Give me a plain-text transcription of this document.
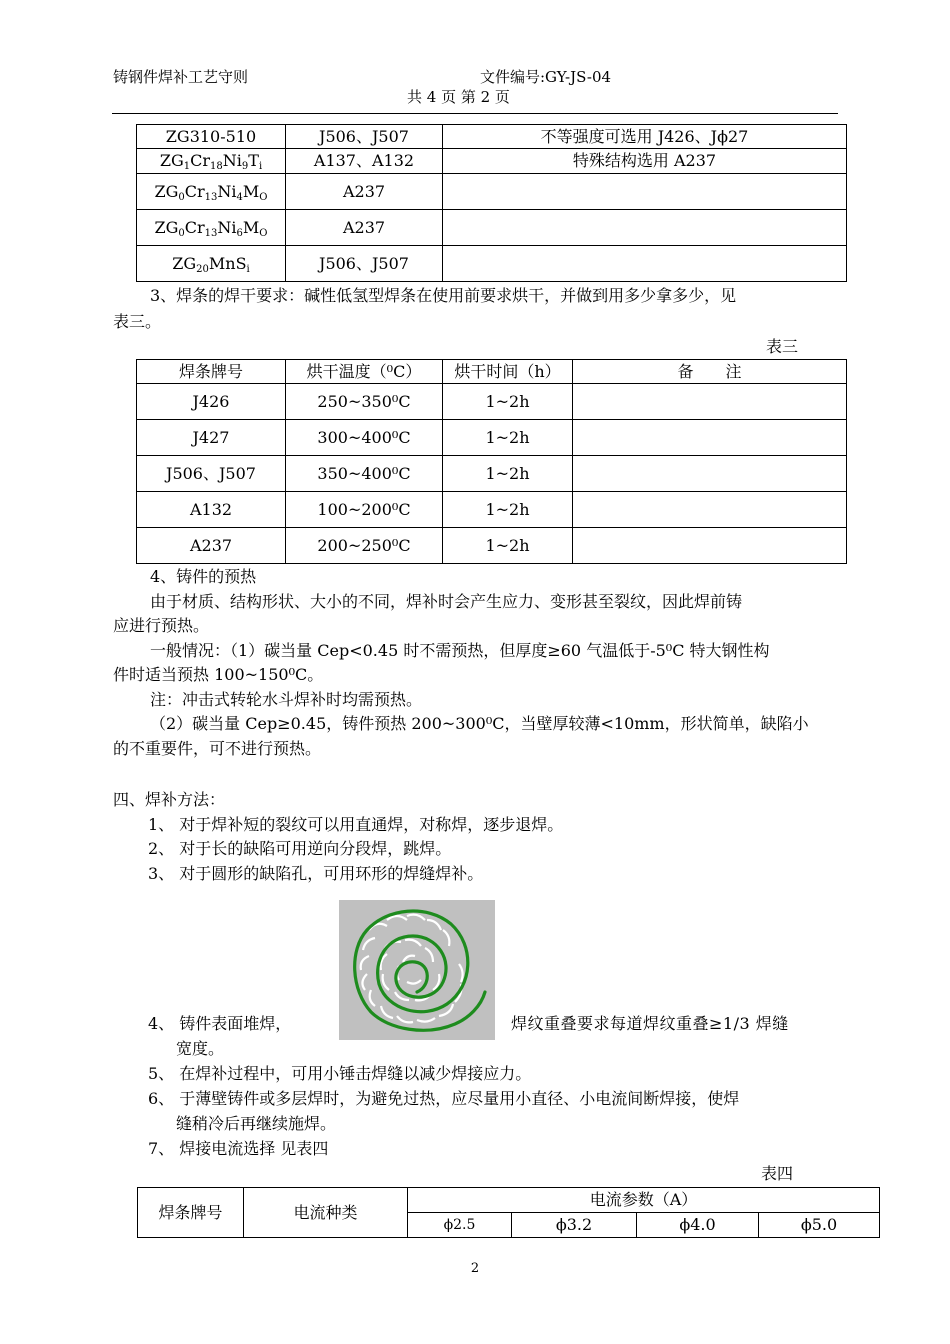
铸钢件焊补工艺守则	文件编号:GY-JS-04
共 4 页 第 2 页
ZG310-510	J506、J507	不等强度可选用 J426、Jϕ27
$ZG_1Cr_{18}Ni_9T_i$	A137、A132	特殊结构选用 A237
$ZG_0Cr_{13}Ni_4M_O$	A237	
$ZG_0Cr_{13}Ni_6M_O$	A237	
$ZG_{20}MnS_i$	J506、J507	
3、焊条的焊干要求：碱性低氢型焊条在使用前要求烘干，并做到用多少拿多少，见
表三。
表三
焊条牌号	烘干温度（⁰C）	烘干时间（h）	备　　注
J426	250~350⁰C	1~2h	
J427	300~400⁰C	1~2h	
J506、J507	350~400⁰C	1~2h	
A132	100~200⁰C	1~2h	
A237	200~250⁰C	1~2h	
4、铸件的预热
由于材质、结构形状、大小的不同，焊补时会产生应力、变形甚至裂纹，因此焊前铸
应进行预热。
一般情况：（1）碳当量 Cep<0.45 时不需预热，但厚度≥60 气温低于-5⁰C 特大钢性构
件时适当预热 100~150⁰C。
注：冲击式转轮水斗焊补时均需预热。
（2）碳当量 Cep≥0.45，铸件预热 200~300⁰C，当壁厚较薄<10mm，形状简单，缺陷小
的不重要件，可不进行预热。
四、焊补方法：
1、 对于焊补短的裂纹可以用直通焊，对称焊，逐步退焊。
2、 对于长的缺陷可用逆向分段焊，跳焊。
3、 对于圆形的缺陷孔，可用环形的焊缝焊补。
4、 铸件表面堆焊，	焊纹重叠要求每道焊纹重叠≥1/3 焊缝
宽度。
5、 在焊补过程中，可用小锤击焊缝以减少焊接应力。
6、 于薄壁铸件或多层焊时，为避免过热，应尽量用小直径、小电流间断焊接，使焊
缝稍冷后再继续施焊。
7、 焊接电流选择 见表四
表四
焊条牌号	电流种类	电流参数（A）			
		ϕ2.5	ϕ3.2	ϕ4.0	ϕ5.0
2
